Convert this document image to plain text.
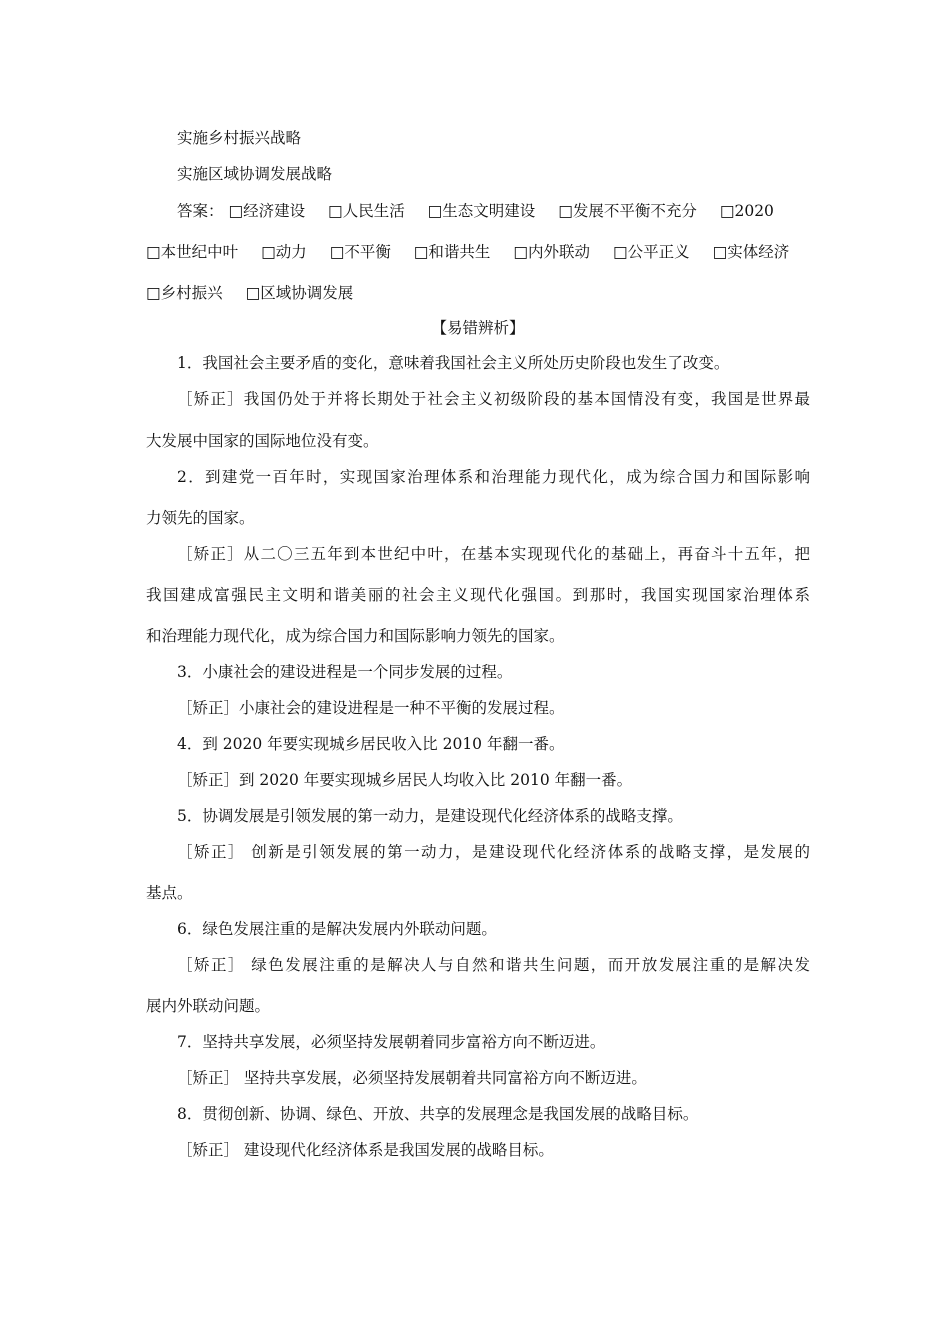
实施乡村振兴战略
实施区域协调发展战略
答案： □经济建设 □人民生活 □生态文明建设 □发展不平衡不充分 □2020
□本世纪中叶 □动力 □不平衡 □和谐共生 □内外联动 □公平正义 □实体经济
□乡村振兴 □区域协调发展
【易错辨析】
1．我国社会主要矛盾的变化，意味着我国社会主义所处历史阶段也发生了改变。
［矫正］我国仍处于并将长期处于社会主义初级阶段的基本国情没有变，我国是世界最
大发展中国家的国际地位没有变。
2．到建党一百年时，实现国家治理体系和治理能力现代化，成为综合国力和国际影响
力领先的国家。
［矫正］从二〇三五年到本世纪中叶，在基本实现现代化的基础上，再奋斗十五年，把
我国建成富强民主文明和谐美丽的社会主义现代化强国。到那时，我国实现国家治理体系
和治理能力现代化，成为综合国力和国际影响力领先的国家。
3．小康社会的建设进程是一个同步发展的过程。
［矫正］小康社会的建设进程是一种不平衡的发展过程。
4．到 2020 年要实现城乡居民收入比 2010 年翻一番。
［矫正］到 2020 年要实现城乡居民人均收入比 2010 年翻一番。
5．协调发展是引领发展的第一动力，是建设现代化经济体系的战略支撑。
［矫正］ 创新是引领发展的第一动力，是建设现代化经济体系的战略支撑，是发展的
基点。
6．绿色发展注重的是解决发展内外联动问题。
［矫正］ 绿色发展注重的是解决人与自然和谐共生问题，而开放发展注重的是解决发
展内外联动问题。
7．坚持共享发展，必须坚持发展朝着同步富裕方向不断迈进。
［矫正］ 坚持共享发展，必须坚持发展朝着共同富裕方向不断迈进。
8．贯彻创新、协调、绿色、开放、共享的发展理念是我国发展的战略目标。
［矫正］ 建设现代化经济体系是我国发展的战略目标。
